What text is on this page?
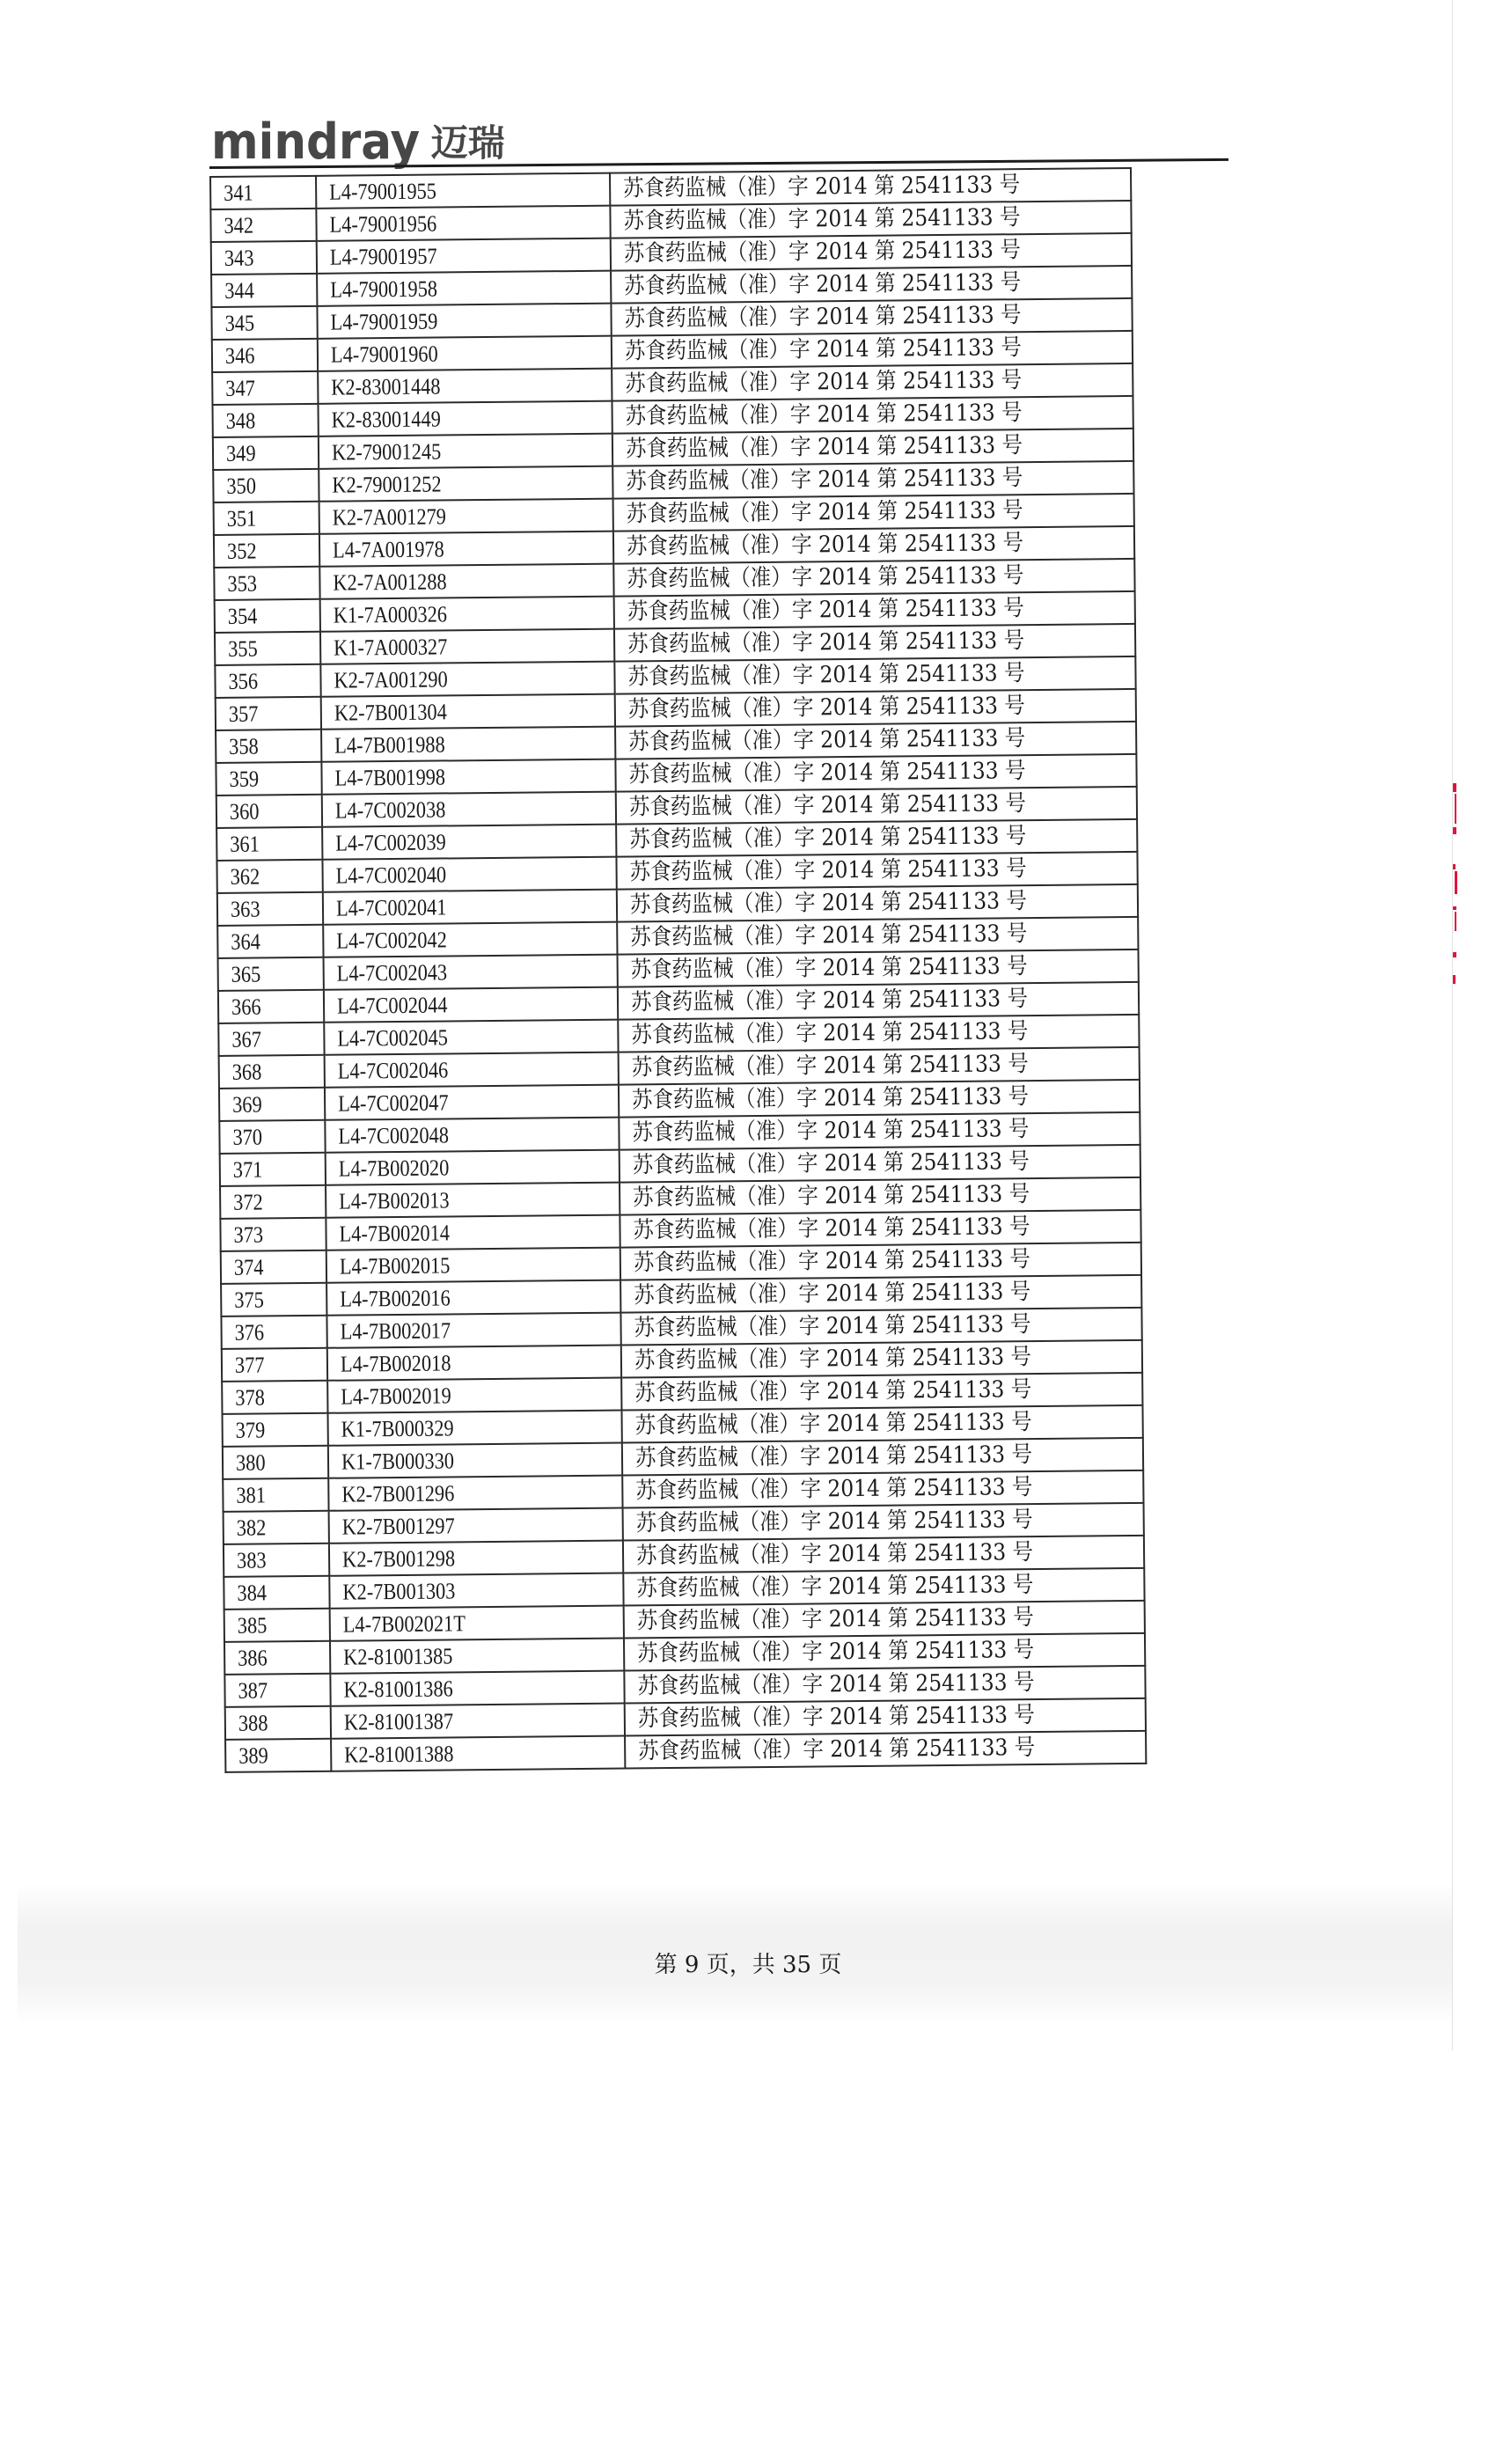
mindray 迈瑞
341	L4-79001955	苏食药监械（准）字 2014 第 2541133 号
342	L4-79001956	苏食药监械（准）字 2014 第 2541133 号
343	L4-79001957	苏食药监械（准）字 2014 第 2541133 号
344	L4-79001958	苏食药监械（准）字 2014 第 2541133 号
345	L4-79001959	苏食药监械（准）字 2014 第 2541133 号
346	L4-79001960	苏食药监械（准）字 2014 第 2541133 号
347	K2-83001448	苏食药监械（准）字 2014 第 2541133 号
348	K2-83001449	苏食药监械（准）字 2014 第 2541133 号
349	K2-79001245	苏食药监械（准）字 2014 第 2541133 号
350	K2-79001252	苏食药监械（准）字 2014 第 2541133 号
351	K2-7A001279	苏食药监械（准）字 2014 第 2541133 号
352	L4-7A001978	苏食药监械（准）字 2014 第 2541133 号
353	K2-7A001288	苏食药监械（准）字 2014 第 2541133 号
354	K1-7A000326	苏食药监械（准）字 2014 第 2541133 号
355	K1-7A000327	苏食药监械（准）字 2014 第 2541133 号
356	K2-7A001290	苏食药监械（准）字 2014 第 2541133 号
357	K2-7B001304	苏食药监械（准）字 2014 第 2541133 号
358	L4-7B001988	苏食药监械（准）字 2014 第 2541133 号
359	L4-7B001998	苏食药监械（准）字 2014 第 2541133 号
360	L4-7C002038	苏食药监械（准）字 2014 第 2541133 号
361	L4-7C002039	苏食药监械（准）字 2014 第 2541133 号
362	L4-7C002040	苏食药监械（准）字 2014 第 2541133 号
363	L4-7C002041	苏食药监械（准）字 2014 第 2541133 号
364	L4-7C002042	苏食药监械（准）字 2014 第 2541133 号
365	L4-7C002043	苏食药监械（准）字 2014 第 2541133 号
366	L4-7C002044	苏食药监械（准）字 2014 第 2541133 号
367	L4-7C002045	苏食药监械（准）字 2014 第 2541133 号
368	L4-7C002046	苏食药监械（准）字 2014 第 2541133 号
369	L4-7C002047	苏食药监械（准）字 2014 第 2541133 号
370	L4-7C002048	苏食药监械（准）字 2014 第 2541133 号
371	L4-7B002020	苏食药监械（准）字 2014 第 2541133 号
372	L4-7B002013	苏食药监械（准）字 2014 第 2541133 号
373	L4-7B002014	苏食药监械（准）字 2014 第 2541133 号
374	L4-7B002015	苏食药监械（准）字 2014 第 2541133 号
375	L4-7B002016	苏食药监械（准）字 2014 第 2541133 号
376	L4-7B002017	苏食药监械（准）字 2014 第 2541133 号
377	L4-7B002018	苏食药监械（准）字 2014 第 2541133 号
378	L4-7B002019	苏食药监械（准）字 2014 第 2541133 号
379	K1-7B000329	苏食药监械（准）字 2014 第 2541133 号
380	K1-7B000330	苏食药监械（准）字 2014 第 2541133 号
381	K2-7B001296	苏食药监械（准）字 2014 第 2541133 号
382	K2-7B001297	苏食药监械（准）字 2014 第 2541133 号
383	K2-7B001298	苏食药监械（准）字 2014 第 2541133 号
384	K2-7B001303	苏食药监械（准）字 2014 第 2541133 号
385	L4-7B002021T	苏食药监械（准）字 2014 第 2541133 号
386	K2-81001385	苏食药监械（准）字 2014 第 2541133 号
387	K2-81001386	苏食药监械（准）字 2014 第 2541133 号
388	K2-81001387	苏食药监械（准）字 2014 第 2541133 号
389	K2-81001388	苏食药监械（准）字 2014 第 2541133 号
第 9 页，共 35 页
